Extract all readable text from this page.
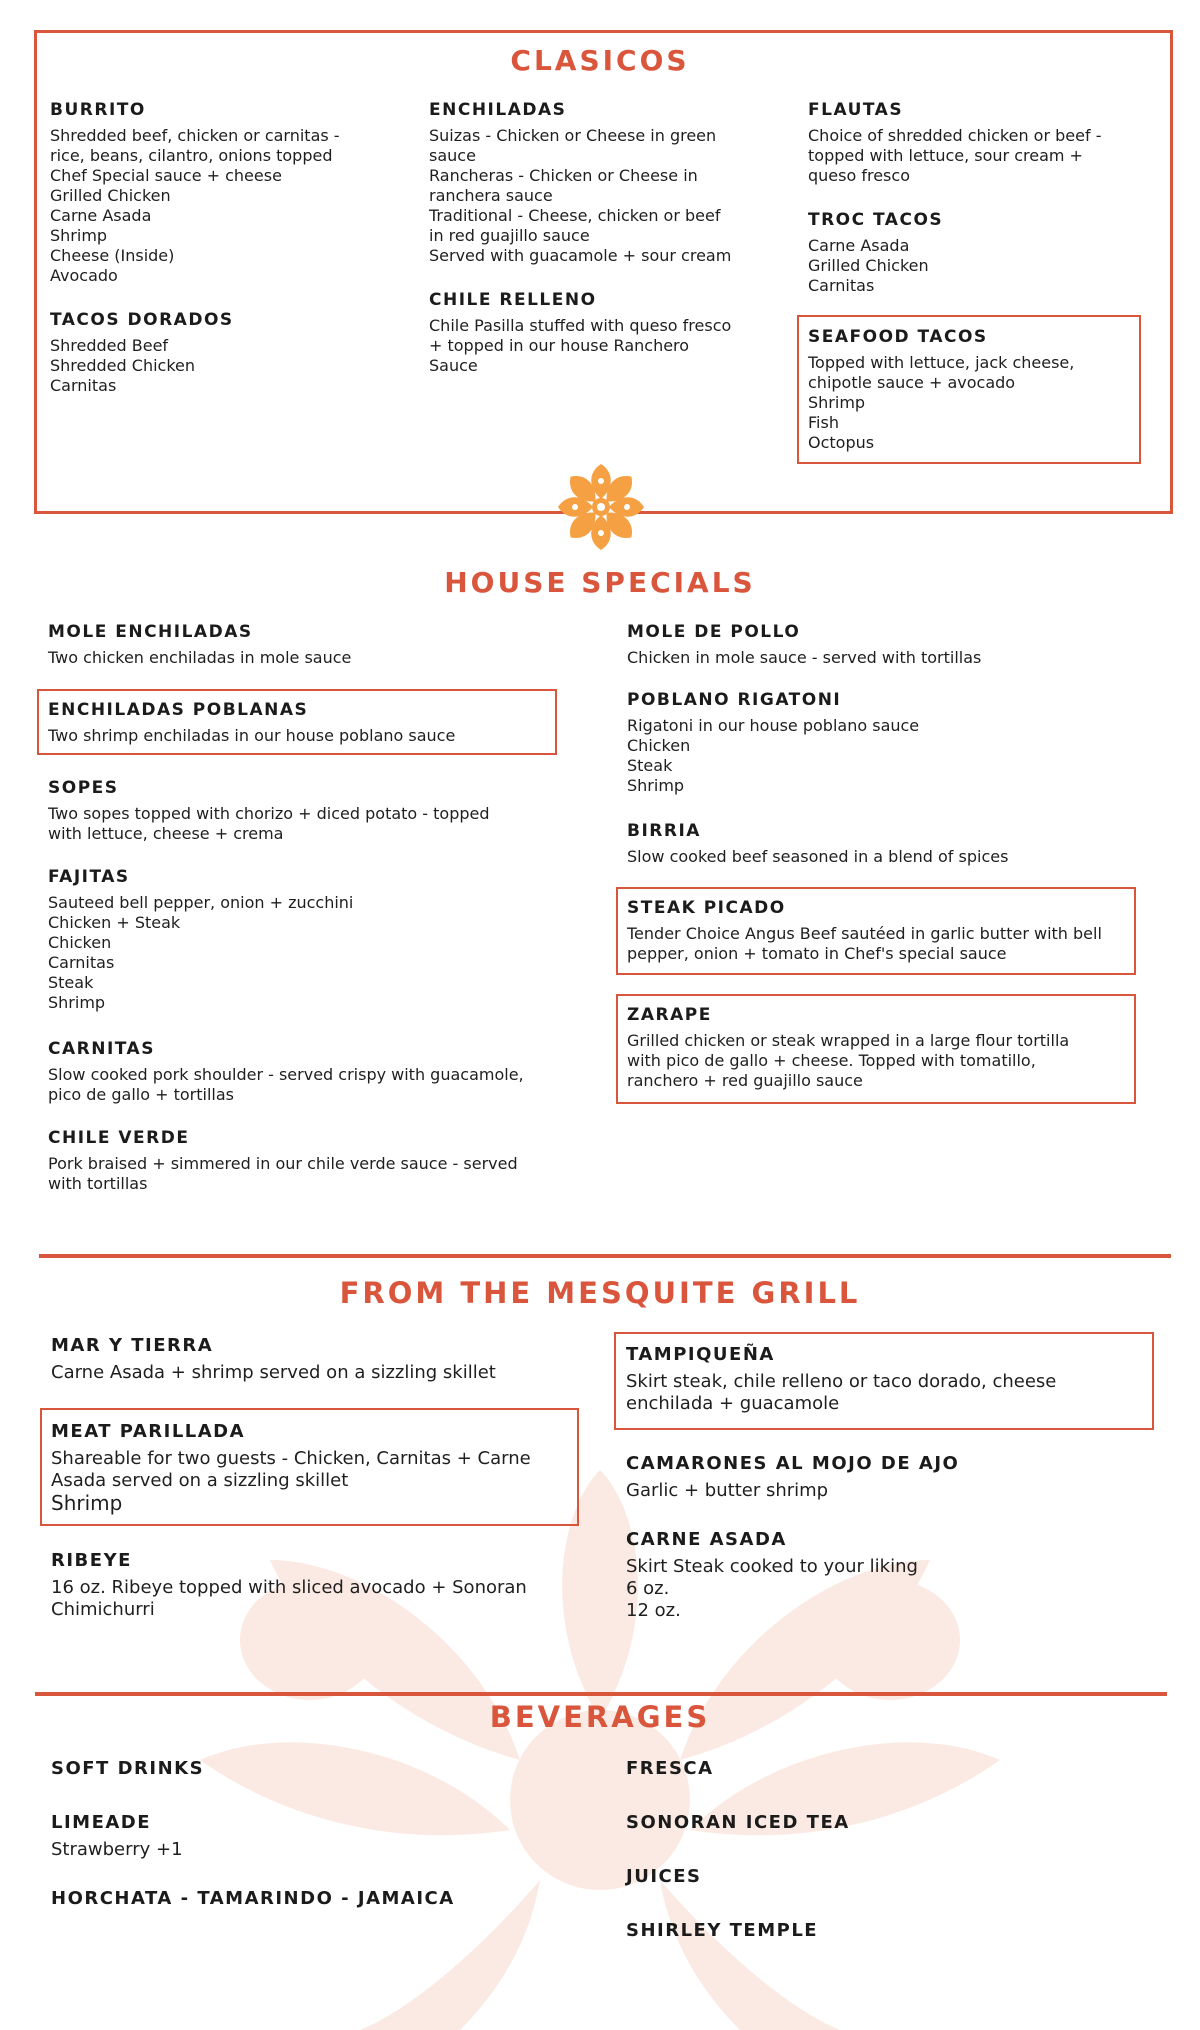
CLASICOS
BURRITO
Shredded beef, chicken or carnitas -
rice, beans, cilantro, onions topped
Chef Special sauce + cheese
Grilled Chicken
Carne Asada
Shrimp
Cheese (Inside)
Avocado
TACOS DORADOS
Shredded Beef
Shredded Chicken
Carnitas
ENCHILADAS
Suizas - Chicken or Cheese in green
sauce
Rancheras - Chicken or Cheese in
ranchera sauce
Traditional - Cheese, chicken or beef
in red guajillo sauce
Served with guacamole + sour cream
CHILE RELLENO
Chile Pasilla stuffed with queso fresco
+ topped in our house Ranchero
Sauce
FLAUTAS
Choice of shredded chicken or beef -
topped with lettuce, sour cream +
queso fresco
TROC TACOS
Carne Asada
Grilled Chicken
Carnitas
SEAFOOD TACOS
Topped with lettuce, jack cheese,
chipotle sauce + avocado
Shrimp
Fish
Octopus
HOUSE SPECIALS
MOLE ENCHILADAS
Two chicken enchiladas in mole sauce
ENCHILADAS POBLANAS
Two shrimp enchiladas in our house poblano sauce
SOPES
Two sopes topped with chorizo + diced potato - topped
with lettuce, cheese + crema
FAJITAS
Sauteed bell pepper, onion + zucchini
Chicken + Steak
Chicken
Carnitas
Steak
Shrimp
CARNITAS
Slow cooked pork shoulder - served crispy with guacamole,
pico de gallo + tortillas
CHILE VERDE
Pork braised + simmered in our chile verde sauce - served
with tortillas
MOLE DE POLLO
Chicken in mole sauce - served with tortillas
POBLANO RIGATONI
Rigatoni in our house poblano sauce
Chicken
Steak
Shrimp
BIRRIA
Slow cooked beef seasoned in a blend of spices
STEAK PICADO
Tender Choice Angus Beef sautéed in garlic butter with bell
pepper, onion + tomato in Chef's special sauce
ZARAPE
Grilled chicken or steak wrapped in a large flour tortilla
with pico de gallo + cheese. Topped with tomatillo,
ranchero + red guajillo sauce
FROM THE MESQUITE GRILL
MAR Y TIERRA
Carne Asada + shrimp served on a sizzling skillet
MEAT PARILLADA
Shareable for two guests - Chicken, Carnitas + Carne
Asada served on a sizzling skillet
Shrimp
RIBEYE
16 oz. Ribeye topped with sliced avocado + Sonoran
Chimichurri
TAMPIQUEÑA
Skirt steak, chile relleno or taco dorado, cheese
enchilada + guacamole
CAMARONES AL MOJO DE AJO
Garlic + butter shrimp
CARNE ASADA
Skirt Steak cooked to your liking
6 oz.
12 oz.
BEVERAGES
SOFT DRINKS
LIMEADE
Strawberry +1
HORCHATA - TAMARINDO - JAMAICA
FRESCA
SONORAN ICED TEA
JUICES
SHIRLEY TEMPLE
